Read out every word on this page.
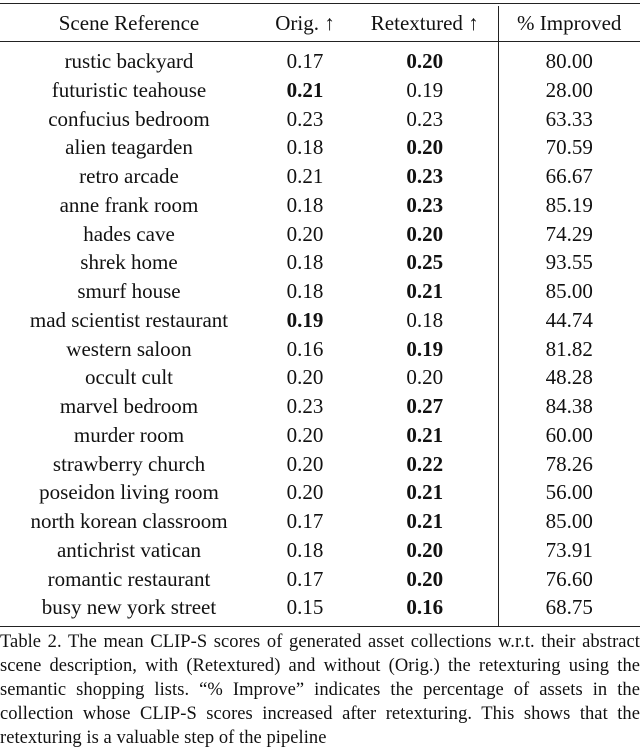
Scene Reference	Orig. ↑	Retextured ↑	% Improved
rustic backyard	0.17	0.20	80.00
futuristic teahouse	0.21	0.19	28.00
confucius bedroom	0.23	0.23	63.33
alien teagarden	0.18	0.20	70.59
retro arcade	0.21	0.23	66.67
anne frank room	0.18	0.23	85.19
hades cave	0.20	0.20	74.29
shrek home	0.18	0.25	93.55
smurf house	0.18	0.21	85.00
mad scientist restaurant	0.19	0.18	44.74
western saloon	0.16	0.19	81.82
occult cult	0.20	0.20	48.28
marvel bedroom	0.23	0.27	84.38
murder room	0.20	0.21	60.00
strawberry church	0.20	0.22	78.26
poseidon living room	0.20	0.21	56.00
north korean classroom	0.17	0.21	85.00
antichrist vatican	0.18	0.20	73.91
romantic restaurant	0.17	0.20	76.60
busy new york street	0.15	0.16	68.75
Table 2. The mean CLIP-S scores of generated asset collections w.r.t. their abstract scene description, with (Retextured) and without (Orig.) the retexturing using the semantic shopping lists. “% Improve” indicates the percentage of assets in the collection whose CLIP-S scores increased after retexturing. This shows that the retexturing is a valuable step of the pipeline
